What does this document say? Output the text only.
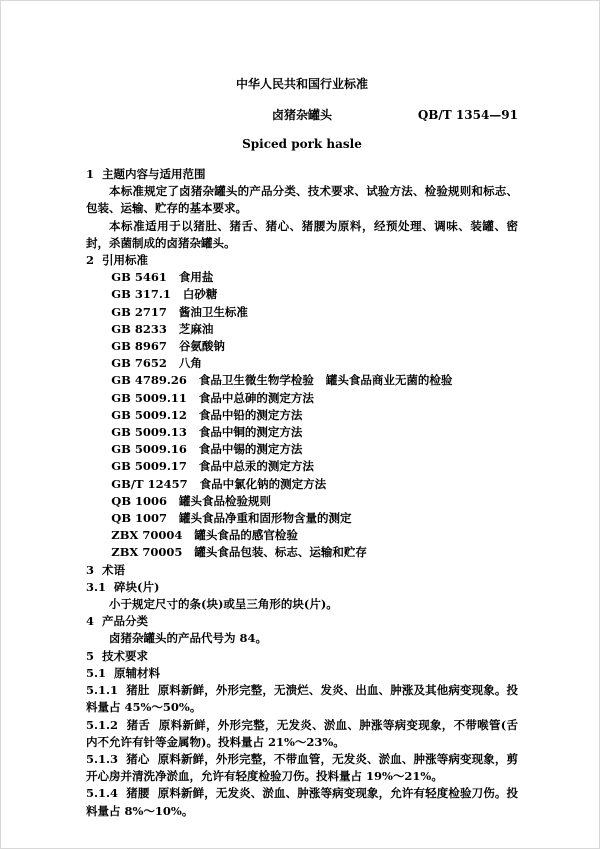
中华人民共和国行业标准
卤猪杂罐头	QB/T 1354—91
Spiced pork hasle
1  主题内容与适用范围
本标准规定了卤猪杂罐头的产品分类、技术要求、试验方法、检验规则和标志、包装、运输、贮存的基本要求。
本标准适用于以猪肚、猪舌、猪心、猪腰为原料，经预处理、调味、装罐、密封，杀菌制成的卤猪杂罐头。
2  引用标准
GB 5461   食用盐
GB 317.1   白砂糖
GB 2717   酱油卫生标准
GB 8233   芝麻油
GB 8967   谷氨酸钠
GB 7652   八角
GB 4789.26   食品卫生微生物学检验   罐头食品商业无菌的检验
GB 5009.11   食品中总砷的测定方法
GB 5009.12   食品中铅的测定方法
GB 5009.13   食品中铜的测定方法
GB 5009.16   食品中锡的测定方法
GB 5009.17   食品中总汞的测定方法
GB/T 12457   食品中氯化钠的测定方法
QB 1006   罐头食品检验规则
QB 1007   罐头食品净重和固形物含量的测定
ZBX 70004   罐头食品的感官检验
ZBX 70005   罐头食品包装、标志、运输和贮存
3  术语
3.1  碎块(片)
小于规定尺寸的条(块)或呈三角形的块(片)。
4  产品分类
卤猪杂罐头的产品代号为 84。
5  技术要求
5.1  原辅材料
5.1.1  猪肚  原料新鲜，外形完整，无溃烂、发炎、出血、肿涨及其他病变现象。投料量占 45%～50%。
5.1.2  猪舌  原料新鲜，外形完整，无发炎、淤血、肿涨等病变现象，不带喉管(舌内不允许有针等金属物)。投料量占 21%～23%。
5.1.3  猪心  原料新鲜，外形完整，不带血管，无发炎、淤血、肿涨等病变现象，剪开心房并清洗净淤血，允许有轻度检验刀伤。投料量占 19%～21%。
5.1.4  猪腰  原料新鲜，无发炎、淤血、肿涨等病变现象，允许有轻度检验刀伤。投料量占 8%～10%。
